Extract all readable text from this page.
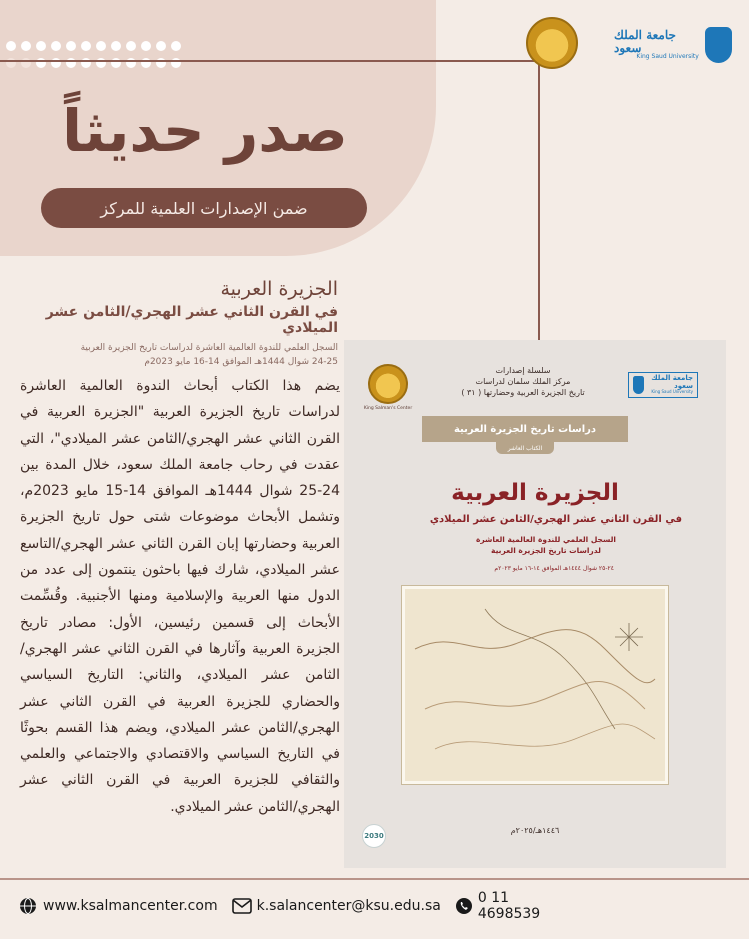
جامعة الملك سعود
King Saud University
صدر حديثاً
ضمن الإصدارات العلمية للمركز
الجزيرة العربية
في القرن الثاني عشر الهجري/الثامن عشر الميلادي
السجل العلمي للندوة العالمية العاشرة لدراسات تاريخ الجزيرة العربية
24-25 شوال 1444هـ الموافق 14-16 مايو 2023م
يضم هذا الكتاب أبحاث الندوة العالمية العاشرة لدراسات تاريخ الجزيرة العربية "الجزيرة العربية في القرن الثاني عشر الهجري/الثامن عشر الميلادي"، التي عقدت في رحاب جامعة الملك سعود، خلال المدة بين 24-25 شوال 1444هـ الموافق 14-15 مايو 2023م، وتشمل الأبحاث موضوعات شتى حول تاريخ الجزيرة العربية وحضارتها إبان القرن الثاني عشر الهجري/التاسع عشر الميلادي، شارك فيها باحثون ينتمون إلى عدد من الدول منها العربية والإسلامية ومنها الأجنبية. وقُسِّمت الأبحاث إلى قسمين رئيسين، الأول: مصادر تاريخ الجزيرة العربية وآثارها في القرن الثاني عشر الهجري/الثامن عشر الميلادي، والثاني: التاريخ السياسي والحضاري للجزيرة العربية في القرن الثاني عشر الهجري/الثامن عشر الميلادي، ويضم هذا القسم بحوثًا في التاريخ السياسي والاقتصادي والاجتماعي والعلمي والثقافي للجزيرة العربية في القرن الثاني عشر الهجري/الثامن عشر الميلادي.
King Salman's Center
سلسلة إصدارات
مركز الملك سلمان لدراسات
تاريخ الجزيرة العربية وحضارتها ( ٣١ )
جامعة الملك سعود
King Saud University
دراسات تاريخ الجزيرة العربية
الكتاب العاشر
الجزيرة العربية
في القرن الثاني عشر الهجري/الثامن عشر الميلادي
السجل العلمي للندوة العالمية العاشرة
لدراسات تاريخ الجزيرة العربية
٢٤-٢٥ شوال ١٤٤٤هـ الموافق ١٤-١٦ مايو ٢٠٢٣م
2030
١٤٤٦هـ/٢٠٢٥م
www.ksalmancenter.com	k.salancenter@ksu.edu.sa	0 11 4698539
